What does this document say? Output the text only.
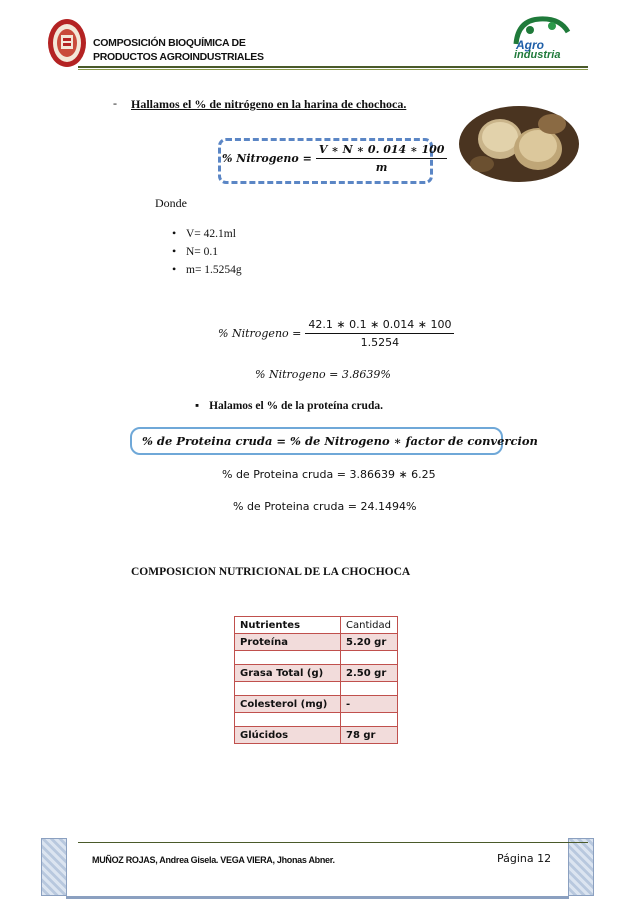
COMPOSICIÓN BIOQUÍMICA DE
PRODUCTOS AGROINDUSTRIALES
Agro
industria
- Hallamos el % de nitrógeno en la harina de chochoca.
% Nitrogeno = $\frac{V ∗ N ∗ 0. 014 ∗ 100}{m}$
Donde
• V= 42.1ml
• N= 0.1
• m= 1.5254g
% Nitrogeno = $\frac{42.1 ∗ 0.1 ∗ 0.014 ∗ 100}{1.5254}$
% Nitrogeno = 3.8639%
▪ Halamos el % de la proteína cruda.
% de Proteina cruda = % de Nitrogeno ∗ factor de convercion
% de Proteina cruda = 3.86639 ∗ 6.25
% de Proteina cruda = 24.1494%
COMPOSICION NUTRICIONAL DE LA CHOCHOCA
Nutrientes	Cantidad
Proteína	5.20 gr

Grasa Total (g)	2.50 gr

Colesterol (mg)	-

Glúcidos	78 gr
MUÑOZ ROJAS, Andrea Gisela. VEGA VIERA, Jhonas Abner.	Página 12
